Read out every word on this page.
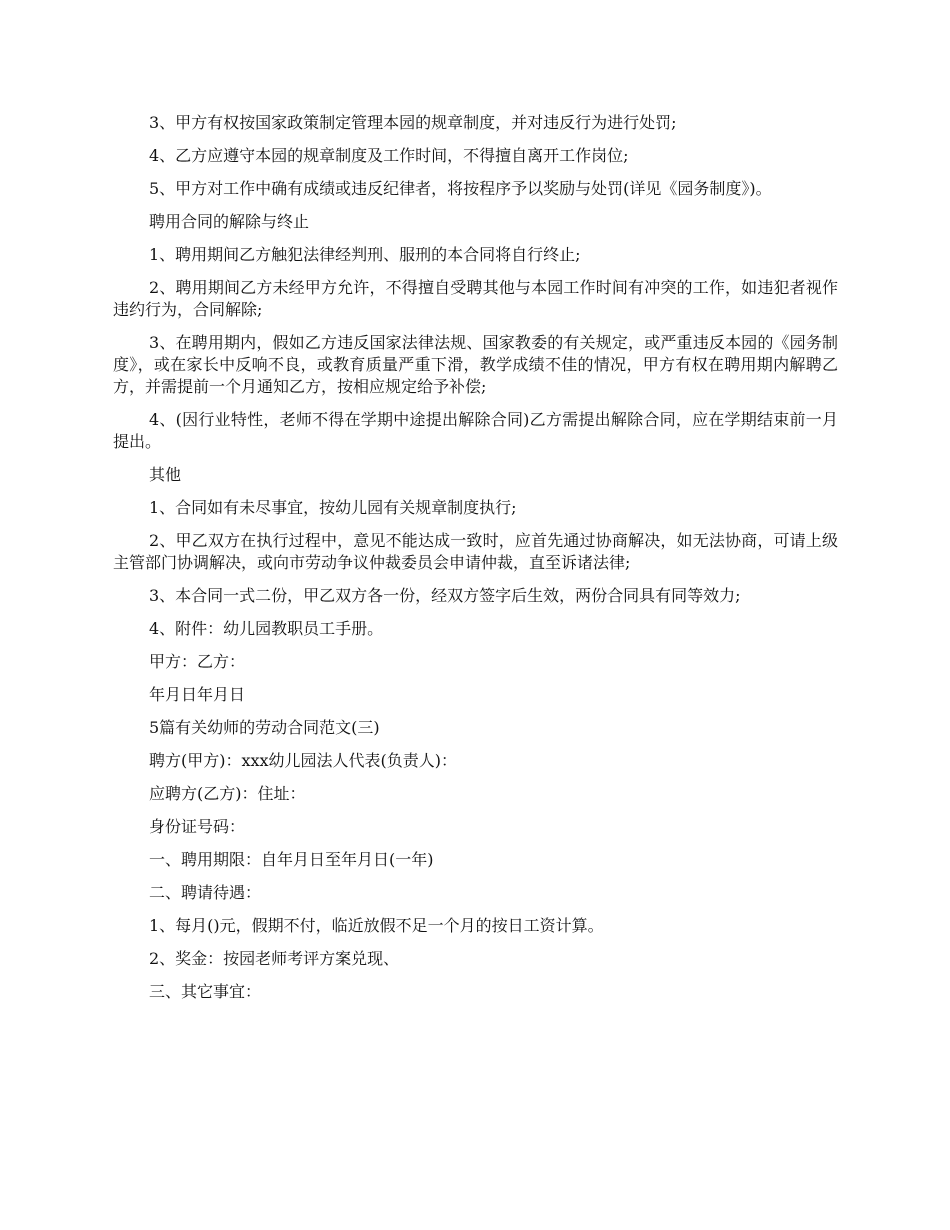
3、甲方有权按国家政策制定管理本园的规章制度，并对违反行为进行处罚;

4、乙方应遵守本园的规章制度及工作时间，不得擅自离开工作岗位;

5、甲方对工作中确有成绩或违反纪律者，将按程序予以奖励与处罚(详见《园务制度》)。

聘用合同的解除与终止

1、聘用期间乙方触犯法律经判刑、服刑的本合同将自行终止;

2、聘用期间乙方未经甲方允许，不得擅自受聘其他与本园工作时间有冲突的工作，如违犯者视作违约行为，合同解除;

3、在聘用期内，假如乙方违反国家法律法规、国家教委的有关规定，或严重违反本园的《园务制度》，或在家长中反响不良，或教育质量严重下滑，教学成绩不佳的情况，甲方有权在聘用期内解聘乙方，并需提前一个月通知乙方，按相应规定给予补偿;

4、(因行业特性，老师不得在学期中途提出解除合同)乙方需提出解除合同，应在学期结束前一月提出。

其他

1、合同如有未尽事宜，按幼儿园有关规章制度执行;

2、甲乙双方在执行过程中，意见不能达成一致时，应首先通过协商解决，如无法协商，可请上级主管部门协调解决，或向市劳动争议仲裁委员会申请仲裁，直至诉诸法律;

3、本合同一式二份，甲乙双方各一份，经双方签字后生效，两份合同具有同等效力;

4、附件：幼儿园教职员工手册。

甲方：乙方：

年月日年月日

5篇有关幼师的劳动合同范文(三)

聘方(甲方)：xxx幼儿园法人代表(负责人)：

应聘方(乙方)：住址：

身份证号码：

一、聘用期限：自年月日至年月日(一年)

二、聘请待遇：

1、每月()元，假期不付，临近放假不足一个月的按日工资计算。

2、奖金：按园老师考评方案兑现、

三、其它事宜：
